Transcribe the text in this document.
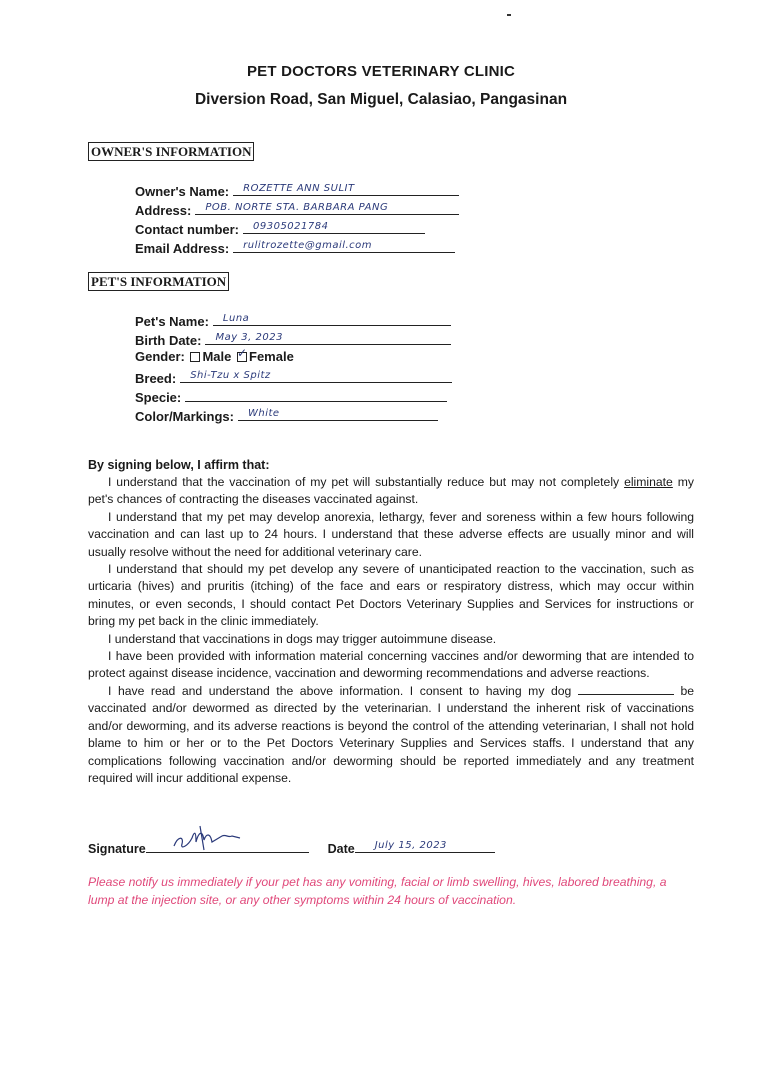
PET DOCTORS VETERINARY CLINIC
Diversion Road, San Miguel, Calasiao, Pangasinan
OWNER'S INFORMATION
Owner's Name: ROZETTE ANN SULIT
Address: POB. NORTE STA. BARBARA PANG
Contact number: 09305021784
Email Address: rulitrozette@gmail.com
PET'S INFORMATION
Pet's Name: Luna
Birth Date: May 3, 2023
Gender: Male ✓ Female
Breed: Shi-Tzu x Spitz
Specie:
Color/Markings: White
By signing below, I affirm that:

I understand that the vaccination of my pet will substantially reduce but may not completely eliminate my pet's chances of contracting the diseases vaccinated against.

I understand that my pet may develop anorexia, lethargy, fever and soreness within a few hours following vaccination and can last up to 24 hours. I understand that these adverse effects are usually minor and will usually resolve without the need for additional veterinary care.

I understand that should my pet develop any severe of unanticipated reaction to the vaccination, such as urticaria (hives) and pruritis (itching) of the face and ears or respiratory distress, which may occur within minutes, or even seconds, I should contact Pet Doctors Veterinary Supplies and Services for instructions or bring my pet back in the clinic immediately.

I understand that vaccinations in dogs may trigger autoimmune disease.

I have been provided with information material concerning vaccines and/or deworming that are intended to protect against disease incidence, vaccination and deworming recommendations and adverse reactions.

I have read and understand the above information. I consent to having my dog	be vaccinated and/or dewormed as directed by the veterinarian. I understand the inherent risk of vaccinations and/or deworming, and its adverse reactions is beyond the control of the attending veterinarian, I shall not hold blame to him or her or to the Pet Doctors Veterinary Supplies and Services staffs. I understand that any complications following vaccination and/or deworming should be reported immediately and any treatment required will incur additional expense.

Signature	Date July 15, 2023
Please notify us immediately if your pet has any vomiting, facial or limb swelling, hives, labored breathing, a lump at the injection site, or any other symptoms within 24 hours of vaccination.
